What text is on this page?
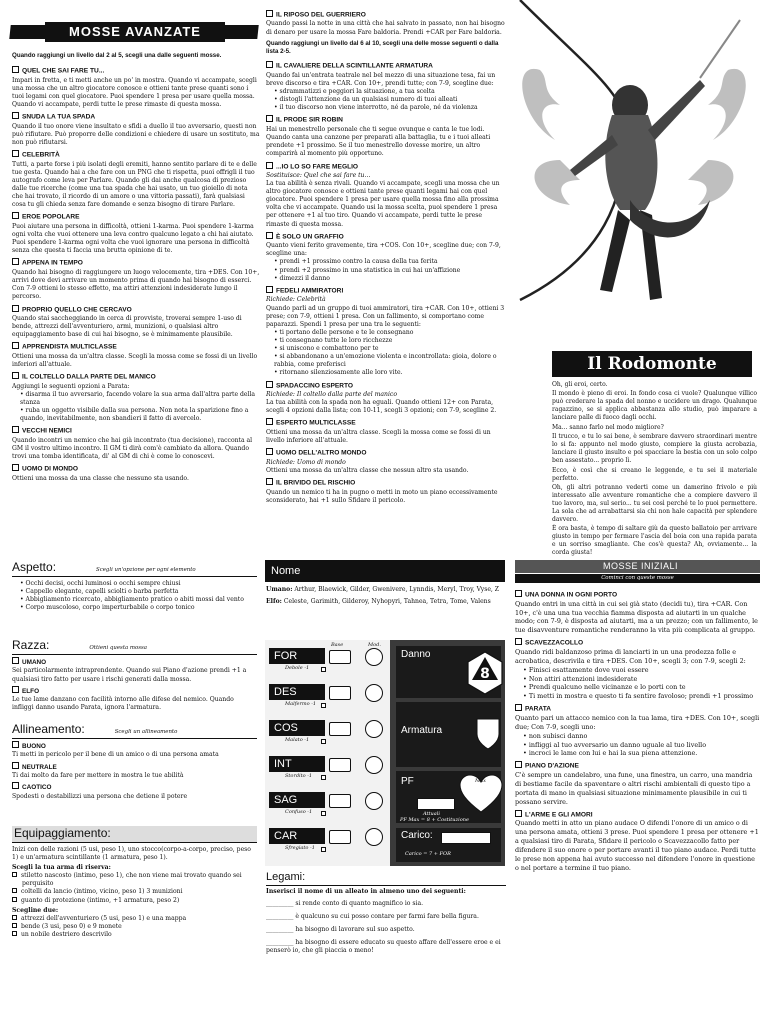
MOSSE AVANZATE
Quando raggiungi un livello dal 2 al 5, scegli una dalle seguenti mosse.
QUEL CHE SAI FARE TU...
Impari in fretta, e ti metti anche un po' in mostra. Quando vi accampate, scegli una mossa che un altro giocatore conosce e ottieni tante prese quanti sono i tuoi legami con quel giocatore. Puoi spendere 1 presa per usare quella mossa. Quando vi accampate, perdi tutte le prese rimaste di questa mossa.
SNUDA LA TUA SPADA
Quando il tuo onore viene insultato e sfidi a duello il tuo avversario, questi non può rifiutare. Può proporre delle condizioni e chiedere di usare un sostituto, ma non può rifiutarsi.
CELEBRITÀ
Tutti, a parte forse i più isolati degli eremiti, hanno sentito parlare di te e delle tue gesta. Quando hai a che fare con un PNG che ti rispetta, puoi offrigli il tuo autografo come leva per Parlare. Quando gli dai anche qualcosa di prezioso dalle tue ricerche (come una tua spada che hai usato, un tuo gioiello di nota che hai trovato, il ricordo di un amore o una vittoria passati), farà qualsiasi cosa tu gli chieda senza fare domande e senza bisogno di tirare Parlare.
EROE POPOLARE
Puoi aiutare una persona in difficoltà, ottieni 1-karma. Puoi spendere 1-karma ogni volta che vuoi ottenere una leva contro qualcuno legato a chi hai aiutato. Puoi spendere 1-karma ogni volta che vuoi ignorare una persona in difficoltà senza che questa ti faccia una brutta opinione di te.
APPENA IN TEMPO
Quando hai bisogno di raggiungere un luogo velocemente, tira +DES. Con 10+, arrivi dove devi arrivare un momento prima di quando hai bisogno di esserci. Con 7-9 ottieni lo stesso effetto, ma attiri attenzioni indesiderate lungo il percorso.
PROPRIO QUELLO CHE CERCAVO
Quando stai saccheggiando in cerca di provviste, troverai sempre 1-uso di bende, attrezzi dell'avventuriero, armi, munizioni, o qualsiasi altro equipaggiamento base di cui hai bisogno, se è minimamente plausibile.
APPRENDISTA MULTICLASSE
Ottieni una mossa da un'altra classe. Scegli la mossa come se fossi di un livello inferiori all'attuale.
IL COLTELLO DALLA PARTE DEL MANICO
Aggiungi le seguenti opzioni a Parata:
• disarma il tuo avversario, facendo volare la sua arma dall'altra parte della stanza
• ruba un oggetto visibile dalla sua persona. Non nota la sparizione fino a quando, inevitabilmente, non sbandieri il fatto di avercelo.
VECCHI NEMICI
Quando incontri un nemico che hai già incontrato (tua decisione), racconta al GM il vostro ultimo incontro. Il GM ti dirà com'è cambiato da allora. Quando trovi una tomba identificata, di' al GM di chi è come lo conoscevi.
UOMO DI MONDO
Ottieni una mossa da una classe che nessuno sta usando.
IL RIPOSO DEL GUERRIERO
Quando passi la notte in una città che hai salvato in passato, non hai bisogno di denaro per usare la mossa Fare baldoria. Prendi +CAR per Fare baldoria.
Quando raggiungi un livello dal 6 al 10, scegli una delle mosse seguenti o dalla lista 2-5.
IL CAVALIERE DELLA SCINTILLANTE ARMATURA
Quando fai un'entrata teatrale nel bel mezzo di una situazione tesa, fai un breve discorso e tira +CAR. Con 10+, prendi tutte; con 7-9, scegline due:
• sdrammatizzi e peggiori la situazione, a tua scelta
• distogli l'attenzione da un qualsiasi numero di tuoi alleati
• il tuo discorso non viene interrotto, né da parole, né da violenza
IL PRODE SIR ROBIN
Hai un menestrello personale che ti segue ovunque e canta le tue lodi. Quando canta una canzone per preparati alla battaglia, tu e i tuoi alleati prendete +1 prossimo. Se il tuo menestrello dovesse morire, un altro comparirà al momento più opportuno.
...IO LO SO FARE MEGLIO
Sostituisce: Quel che sai fare tu…
La tua abilità è senza rivali. Quando vi accampate, scegli una mossa che un altro giocatore conosce e ottieni tante prese quanti legami hai con quel giocatore. Puoi spendere 1 presa per usare quella mossa fino alla prossima volta che vi accampate. Quando usi la mossa scelta, puoi spendere 1 presa per ottenere +1 al tuo tiro. Quando vi accampate, perdi tutte le prese rimaste di questa mossa.
È SOLO UN GRAFFIO
Quanto vieni ferito gravemente, tira +COS. Con 10+, scegline due; con 7-9, scegline una:
• prendi +1 prossimo contro la causa della tua ferita
• prendi +2 prossimo in una statistica in cui hai un'affizione
• dimezzi il danno
FEDELI AMMIRATORI
Richiede: Celebrità
Quando parli ad un gruppo di tuoi ammiratori, tira +CAR. Con 10+, ottieni 3 prese; con 7-9, ottieni 1 presa. Con un fallimento, si comportano come paparazzi. Spendi 1 presa per una tra le seguenti:
• ti portano delle persone e te le consegnano
• ti consegnano tutte le loro ricchezze
• si uniscono e combattono per te
• si abbandonano a un'emozione violenta e incontrollata: gioia, dolore o rabbia, come preferisci
• ritornano silenziosamente alle loro vite.
SPADACCINO ESPERTO
Richiede: Il coltello dalla parte del manico
La tua abilità con la spada non ha eguali. Quando ottieni 12+ con Parata, scegli 4 opzioni dalla lista; con 10-11, scegli 3 opzioni; con 7-9, scegline 2.
ESPERTO MULTICLASSE
Ottieni una mossa da un'altra classe. Scegli la mossa come se fossi di un livello inferiore all'attuale.
UOMO DELL'ALTRO MONDO
Richiede: Uomo di mondo
Ottieni una mossa da un'altra classe che nessun altro sta usando.
IL BRIVIDO DEL RISCHIO
Quando un nemico ti ha in pugno o metti in moto un piano eccessivamente sconsiderato, hai +1 sullo Sfidare il pericolo.
Il Rodomonte
Oh, gli eroi, certo.
Il mondo è pieno di eroi. In fondo cosa ci vuole? Qualunque villico può crederare la spada del nonno e uccidere un drago. Qualunque ragazzino, se si applica abbastanza allo studio, può imparare a lanciare palle di fuoco dagli occhi.
Ma... sanno farlo nel modo migliore?
Il trucco, e tu lo sai bene, è sembrare davvero straordinari mentre lo si fa: appunto nel modo giusto, compiere la giusta acrobazia, lanciare il giusto insulto e poi spacciare la bestia con un solo colpo ben assestato... proprio lì.
Ecco, è così che si creano le leggende, e tu sei il materiale perfetto.
Oh, gli altri potranno vederti come un damerino frivolo e più interessato alle avventure romantiche che a compiere davvero il tuo lavoro, ma, sul serio... tu sei così perché te lo puoi permettere. La sola che ad arrabattarsi sia chi non hale capacità per splendere davvero.
È ora basta, è tempo di saltare giù da questo ballatoio per arrivare giusto in tempo per fermare l'ascia del boia con una rapida parata e un sorriso smagliante. Che cos'è questa? Ah, ovviamente... la corda giusta!
Aspetto:	Scegli un'opzione per ogni elemento
• Occhi decisi, occhi luminosi o occhi sempre chiusi
• Cappello elegante, capelli sciolti o barba perfetta
• Abbigliamento ricercato, abbigliamento pratico o abiti mossi dal vento
• Corpo muscoloso, corpo imperturbabile o corpo tonico
Razza:	Ottieni questa mossa
UMANO
Sei particolarmente intraprendente. Quando sui Piano d'azione prendi +1 a qualsiasi tiro fatto per usare i rischi generati dalla mossa.
ELFO
Le tue lame danzano con facilità intorno alle difese del nemico. Quando infliggi danno usando Parata, ignora l'armatura.
Allineamento:	Scegli un allineamento
BUONO
Ti metti in pericolo per il bene di un amico o di una persona amata
NEUTRALE
Ti dai molto da fare per mettere in mostra le tue abilità
CAOTICO
Spodesti o destabilizzi una persona che detiene il potere
Equipaggiamento:
Inizi con delle razioni (5 usi, peso 1), uno stocco(corpo-a-corpo, preciso, peso 1) e un'armatura scintillante (1 armatura, peso 1).
Scegli la tua arma di riserva:
stiletto nascosto (intimo, peso 1), che non viene mai trovato quando sei perquisito
coltelli da lancio (intimo, vicino, peso 1) 3 munizioni
guanto di protezione (intimo, +1 armatura, peso 2)
Scegline due:
attrezzi dell'avventuriero (5 usi, peso 1) e una mappa
bende (3 usi, peso 0) e 9 monete
un nobile destriero descrivilo
Nome
Umano: Arthur, Blaewick, Gilder, Gwenivere, Lynndis, Meryl, Troy, Vyse, Z
Elfo: Celeste, Garimith, Gilderoy, Nyhopyri, Tahnea, Tetra, Tome, Valens
Base	Mod.
FOR
Debole -1
DES
Malfermo -1
COS
Malato -1
INT
Stordito -1
SAG
Confuso -1
CAR
Sfregiato -1
Danno
8
Armatura
PF	Max
Attuali
PF Max = 8 + Costituzione
Carico:
Carico = 7 + FOR
Legami:
Inserisci il nome di un alleato in almeno uno dei seguenti:
_________ si rende conto di quanto magnifico io sia.
_________ è qualcuno su cui posso contare per farmi fare bella figura.
_________ ha bisogno di lavorare sul suo aspetto.
_________ ha bisogno di essere educato su questo affare dell'essere eroe e ei penserò io, che gli piaccia o meno!
MOSSE INIZIALI
Cominci con queste mosse
UNA DONNA IN OGNI PORTO
Quando entri in una città in cui sei già stato (decidi tu), tira +CAR. Con 10+, c'è una una tua vecchia fiamma disposta ad aiutarti in un qualche modo; con 7-9, è disposta ad aiutarti, ma a un prezzo; con un fallimento, le tue disavventure romantiche renderanno la vita più complicata al gruppo.
SCAVEZZACOLLO
Quando ridi baldanzoso prima di lanciarti in un una prodezza folle e acrobatica, descrivila e tira +DES. Con 10+, scegli 3; con 7-9, scegli 2:
• Finisci esattamente dove vuoi essere
• Non attiri attenzioni indesiderate
• Prendi qualcuno nelle vicinanze e lo porti con te
• Ti metti in mostra e questo ti fa sentire favoloso; prendi +1 prossimo
PARATA
Quanto pari un attacco nemico con la tua lama, tira +DES. Con 10+, scegli due; Con 7-9, scegli uno:
• non subisci danno
• infliggi al tuo avversario un danno uguale al tuo livello
• incroci le lame con lui e hai la sua piena attenzione.
PIANO D'AZIONE
C'è sempre un candelabro, una fune, una finestra, un carro, una mandria di bestiame facile da spaventare o altri rischi ambientali di questo tipo a portata di mano in qualsiasi situazione minimamente plausibile in cui ti possano servire.
L'ARME E GLI AMORI
Quando metti in atto un piano audace O difendi l'onore di un amico o di una persona amata, ottieni 3 prese. Puoi spendere 1 presa per ottenere +1 a qualsiasi tiro di Parata, Sfidare il pericolo o Scavezzacollo fatto per difendere il suo onore o per portare avanti il tuo piano audace. Perdi tutte le prese non appena hai avuto successo nel difendere l'onore in questione o nel portare a termine il tuo piano.
